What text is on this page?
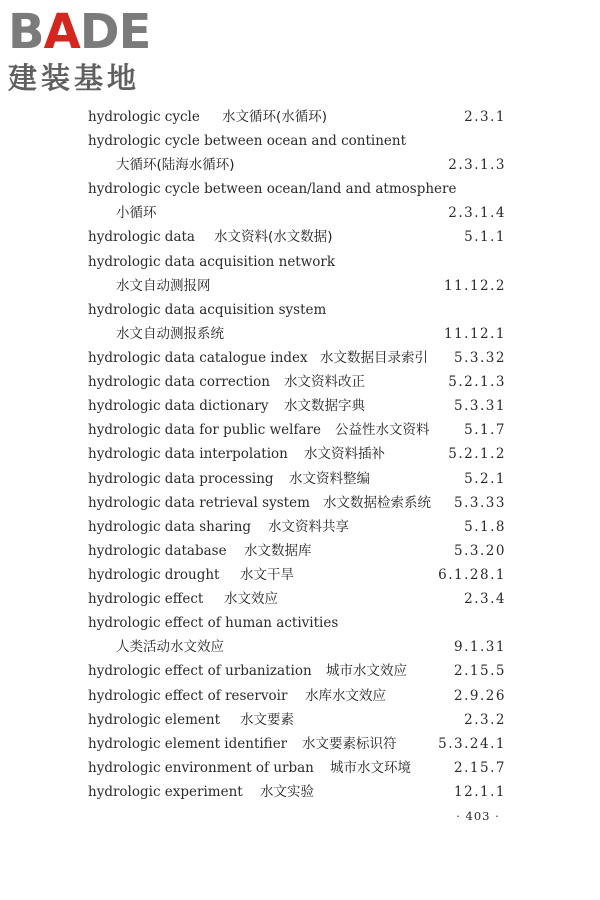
BADE
建装基地
hydrologic cycle 水文循环(水循环)	2.3.1
hydrologic cycle between ocean and continent
大循环(陆海水循环)	2.3.1.3
hydrologic cycle between ocean/land and atmosphere
小循环	2.3.1.4
hydrologic data 水文资料(水文数据)	5.1.1
hydrologic data acquisition network
水文自动测报网	11.12.2
hydrologic data acquisition system
水文自动测报系统	11.12.1
hydrologic data catalogue index 水文数据目录索引 5.3.32
hydrologic data correction 水文资料改正	5.2.1.3
hydrologic data dictionary 水文数据字典	5.3.31
hydrologic data for public welfare 公益性水文资料	5.1.7
hydrologic data interpolation 水文资料插补	5.2.1.2
hydrologic data processing 水文资料整编	5.2.1
hydrologic data retrieval system 水文数据检索系统 5.3.33
hydrologic data sharing 水文资料共享	5.1.8
hydrologic database 水文数据库	5.3.20
hydrologic drought 水文干旱	6.1.28.1
hydrologic effect 水文效应	2.3.4
hydrologic effect of human activities
人类活动水文效应	9.1.31
hydrologic effect of urbanization 城市水文效应	2.15.5
hydrologic effect of reservoir 水库水文效应	2.9.26
hydrologic element 水文要素	2.3.2
hydrologic element identifier 水文要素标识符	5.3.24.1
hydrologic environment of urban 城市水文环境	2.15.7
hydrologic experiment 水文实验	12.1.1
· 403 ·
